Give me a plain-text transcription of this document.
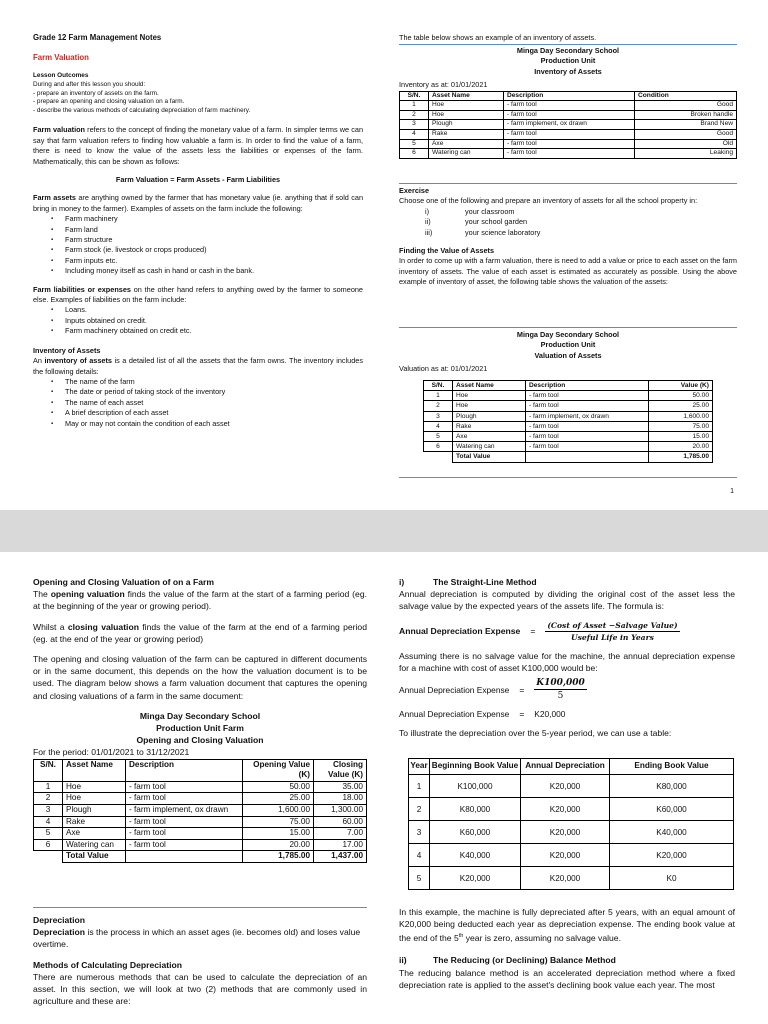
Grade 12 Farm Management Notes
Farm Valuation

Lesson Outcomes

During and after this lesson you should:

- prepare an inventory of assets on the farm.

- prepare an opening and closing valuation on a farm.

- describe the various methods of calculating depreciation of farm machinery.

Farm valuation refers to the concept of finding the monetary value of a farm. In simpler terms we can say that farm valuation refers to finding how valuable a farm is. In order to find the value of a farm, there is need to know the value of the assets less the liabilities or expenses of the farm. Mathematically, this can be shown as follows:

Farm Valuation = Farm Assets - Farm Liabilities

Farm assets are anything owned by the farmer that has monetary value (ie. anything that if sold can bring in money to the farmer). Examples of assets on the farm include the following:

▪ Farm machinery
▪ Farm land
▪ Farm structure
▪ Farm stock (ie. livestock or crops produced)
▪ Farm inputs etc.
▪ Including money itself as cash in hand or cash in the bank.

Farm liabilities or expenses on the other hand refers to anything owed by the farmer to someone else. Examples of liabilities on the farm include:

▪ Loans.
▪ Inputs obtained on credit.
▪ Farm machinery obtained on credit etc.

Inventory of Assets

An inventory of assets is a detailed list of all the assets that the farm owns. The inventory includes the following details:

▪ The name of the farm
▪ The date or period of taking stock of the inventory
▪ The name of each asset
▪ A brief description of each asset
▪ May or may not contain the condition of each asset

The table below shows an example of an inventory of assets.

Minga Day Secondary School

Production Unit

Inventory of Assets

Inventory as at: 01/01/2021

S/N.	Asset Name	Description	Condition
1	Hoe	- farm tool	Good
2	Hoe	- farm tool	Broken handle
3	Plough	- farm implement, ox drawn	Brand New
4	Rake	- farm tool	Good
5	Axe	- farm tool	Old
6	Watering can	- farm tool	Leaking

Exercise

Choose one of the following and prepare an inventory of assets for all the school property in:

i)	your classroom
ii)	your school garden
iii)	your science laboratory

Finding the Value of Assets

In order to come up with a farm valuation, there is need to add a value or price to each asset on the farm inventory of assets. The value of each asset is estimated as accurately as possible. Using the above example of inventory of asset, the following table shows the valuation of the assets:

Minga Day Secondary School

Production Unit

Valuation of Assets

Valuation as at: 01/01/2021

S/N.	Asset Name	Description	Value (K)
1	Hoe	- farm tool	50.00
2	Hoe	- farm tool	25.00
3	Plough	- farm implement, ox drawn	1,600.00
4	Rake	- farm tool	75.00
5	Axe	- farm tool	15.00
6	Watering can	- farm tool	20.00
	Total Value		1,785.00
1

Opening and Closing Valuation of on a Farm

The opening valuation finds the value of the farm at the start of a farming period (eg. at the beginning of the year or growing period).

Whilst a closing valuation finds the value of the farm at the end of a farming period (eg. at the end of the year or growing period)

The opening and closing valuation of the farm can be captured in different documents or in the same document, this depends on the how the valuation document is to be used. The diagram below shows a farm valuation document that captures the opening and closing valuations of a farm in the same document:

Minga Day Secondary School

Production Unit Farm

Opening and Closing Valuation

For the period: 01/01/2021 to 31/12/2021

S/N.	Asset Name	Description	Opening Value (K)	Closing Value (K)
1	Hoe	- farm tool	50.00	35.00
2	Hoe	- farm tool	25.00	18.00
3	Plough	- farm implement, ox drawn	1,600.00	1,300.00
4	Rake	- farm tool	75.00	60.00
5	Axe	- farm tool	15.00	7.00
6	Watering can	- farm tool	20.00	17.00
	Total Value		1,785.00	1,437.00

Depreciation

Depreciation is the process in which an asset ages (ie. becomes old) and loses value overtime.

Methods of Calculating Depreciation

There are numerous methods that can be used to calculate the depreciation of an asset. In this section, we will look at two (2) methods that are commonly used in agriculture and these are:

i)	The Straight-Line Method

Annual depreciation is computed by dividing the original cost of the asset less the salvage value by the expected years of the assets life. The formula is:

Annual Depreciation Expense =
(Cost of Asset −Salvage Value)
Useful Life in Years

Assuming there is no salvage value for the machine, the annual depreciation expense for a machine with cost of asset K100,000 would be:

Annual Depreciation Expense = $\frac{K100,000}{5}$
Annual Depreciation Expense = K20,000

To illustrate the depreciation over the 5-year period, we can use a table:

Year	Beginning Book Value	Annual Depreciation	Ending Book Value
1	K100,000	K20,000	K80,000
2	K80,000	K20,000	K60,000
3	K60,000	K20,000	K40,000
4	K40,000	K20,000	K20,000
5	K20,000	K20,000	K0

In this example, the machine is fully depreciated after 5 years, with an equal amount of K20,000 being deducted each year as depreciation expense. The ending book value at the end of the 5th year is zero, assuming no salvage value.

ii)	The Reducing (or Declining) Balance Method

The reducing balance method is an accelerated depreciation method where a fixed depreciation rate is applied to the asset's declining book value each year. The most
